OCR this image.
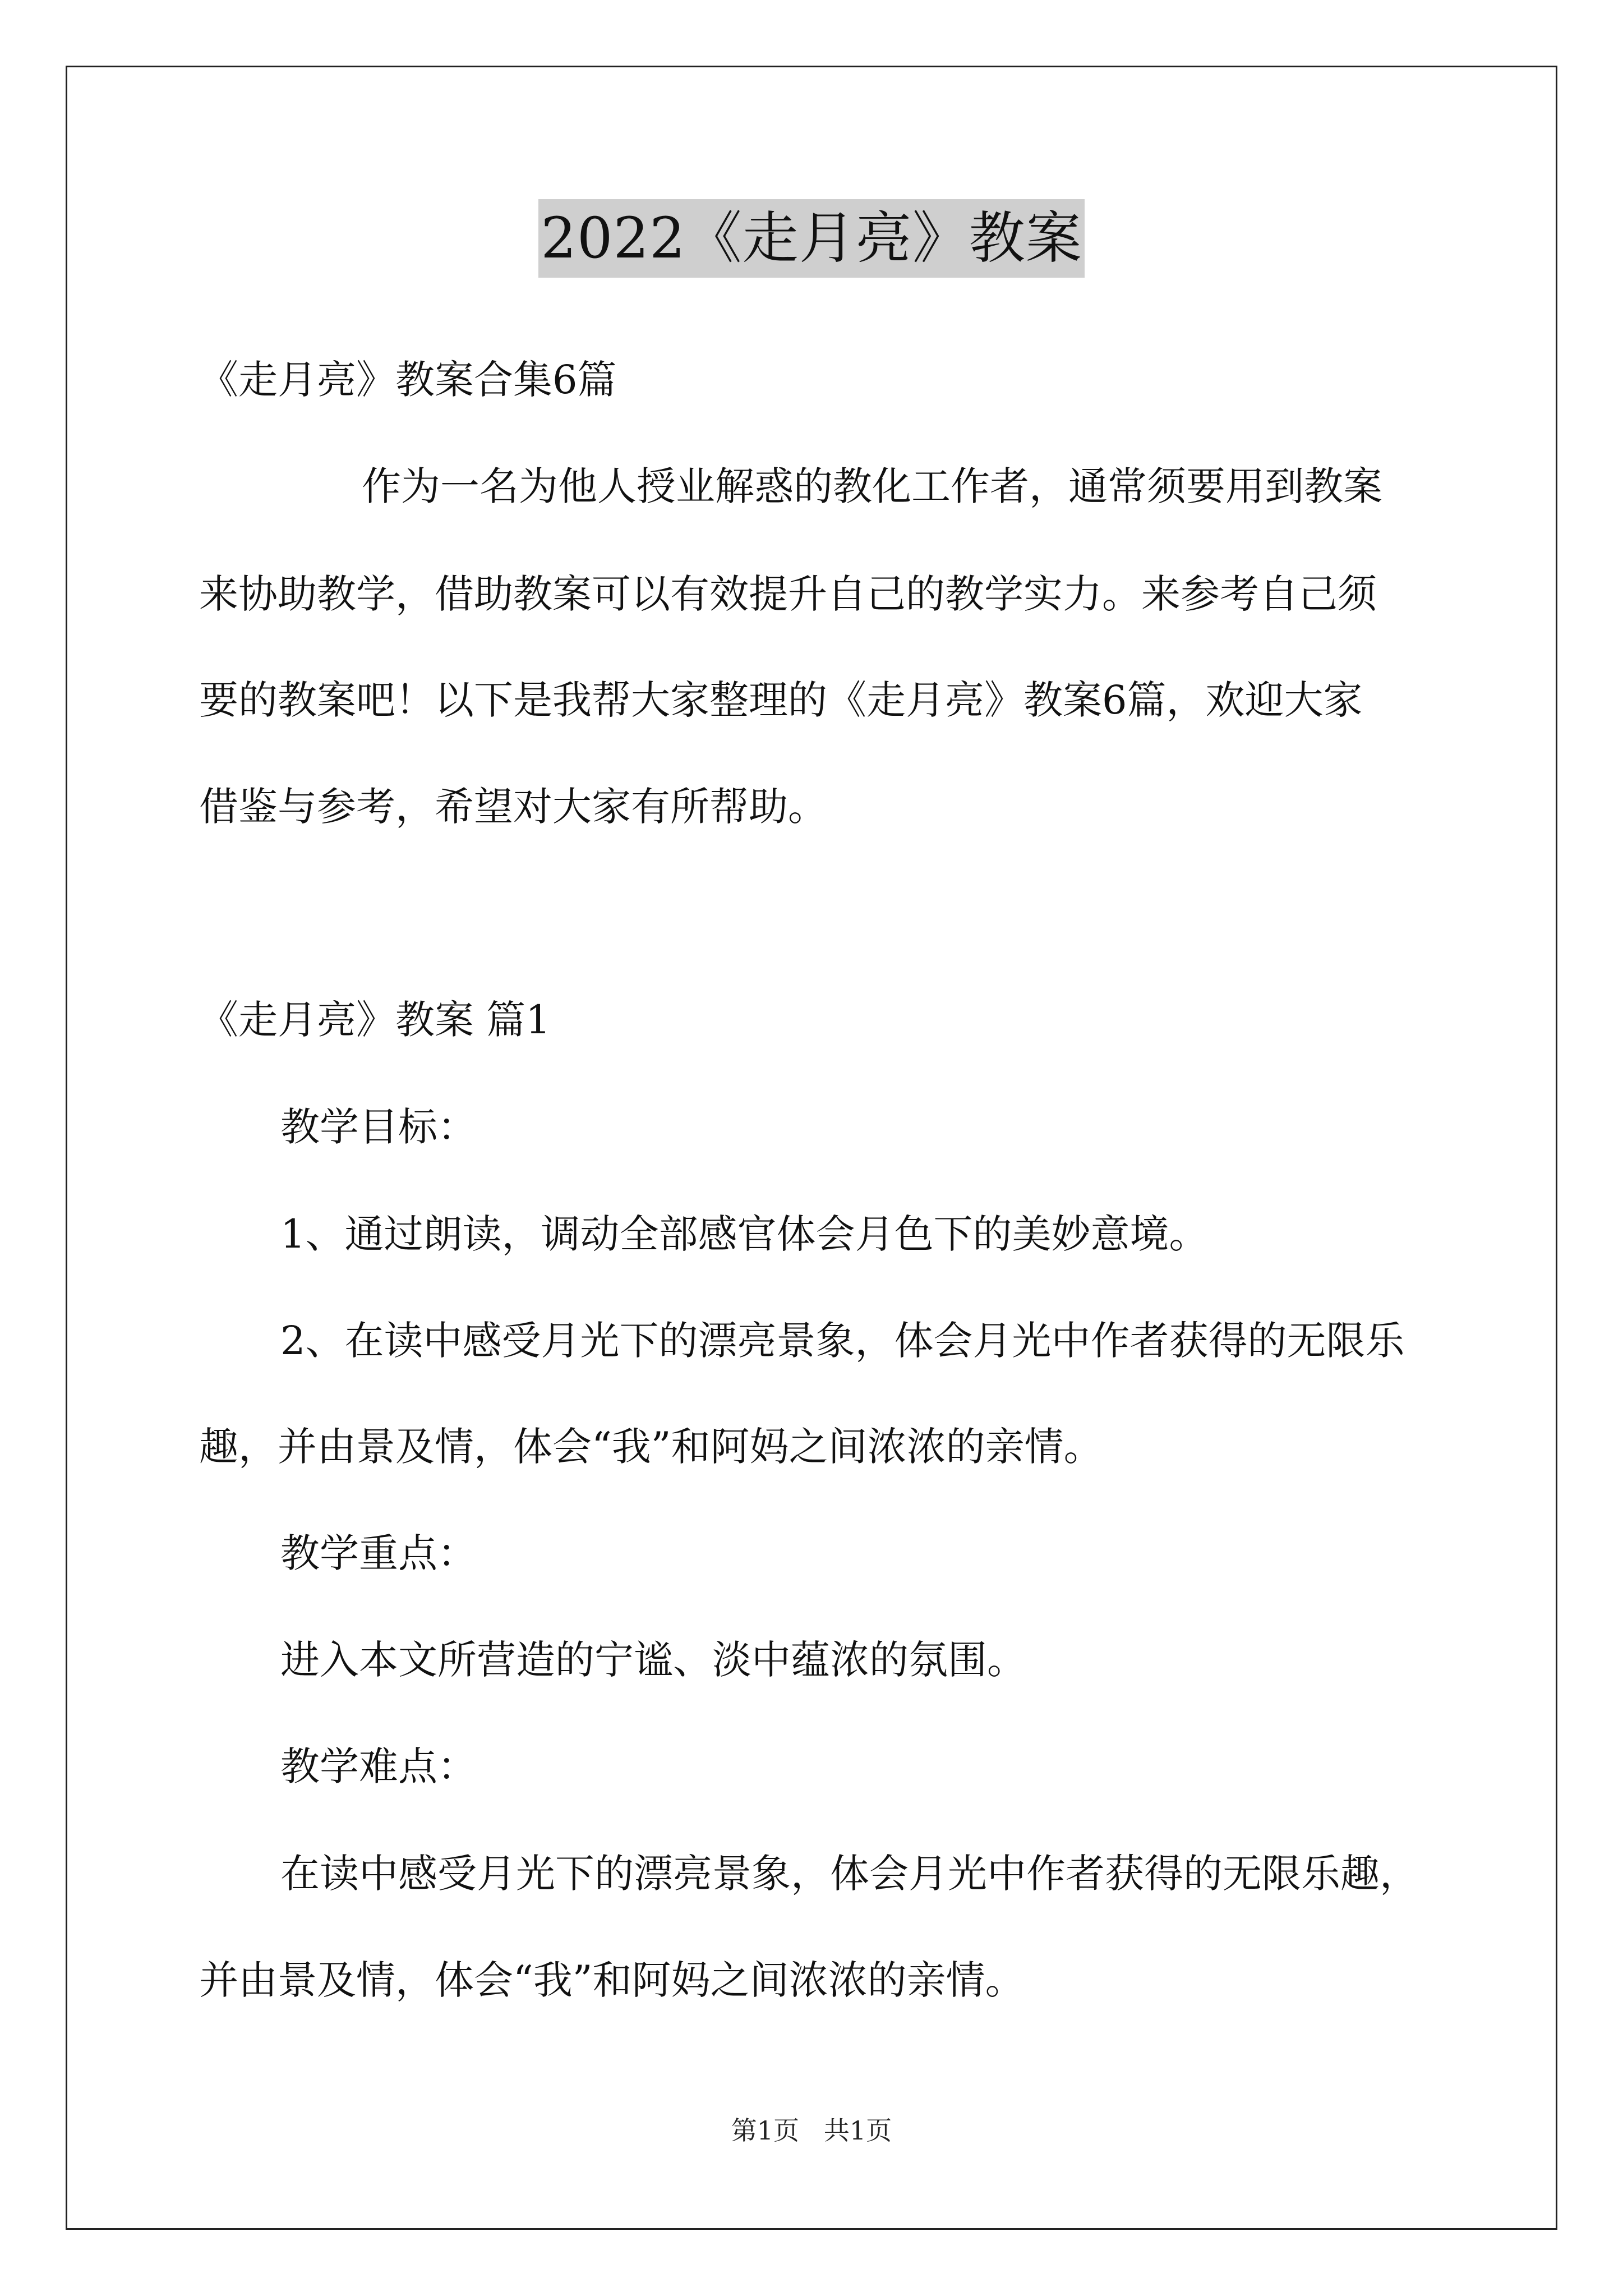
2022《走月亮》教案
《走月亮》教案合集6篇
作为一名为他人授业解惑的教化工作者，通常须要用到教案
来协助教学，借助教案可以有效提升自己的教学实力。来参考自己须
要的教案吧！以下是我帮大家整理的《走月亮》教案6篇，欢迎大家
借鉴与参考，希望对大家有所帮助。
《走月亮》教案 篇1
教学目标：
1、通过朗读，调动全部感官体会月色下的美妙意境。
2、在读中感受月光下的漂亮景象，体会月光中作者获得的无限乐
趣，并由景及情，体会“我”和阿妈之间浓浓的亲情。
教学重点：
进入本文所营造的宁谧、淡中蕴浓的氛围。
教学难点：
在读中感受月光下的漂亮景象，体会月光中作者获得的无限乐趣，
并由景及情，体会“我”和阿妈之间浓浓的亲情。
第1页   共1页
